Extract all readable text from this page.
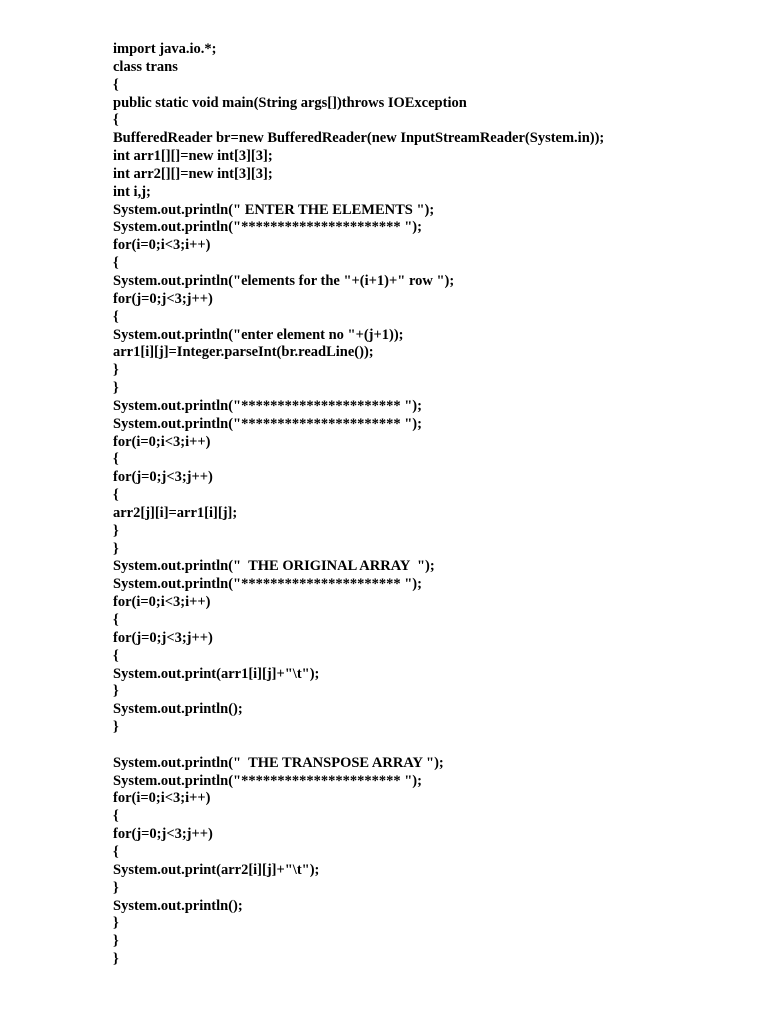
import java.io.*;
class trans
{
public static void main(String args[])throws IOException
{
BufferedReader br=new BufferedReader(new InputStreamReader(System.in));
int arr1[][]=new int[3][3];
int arr2[][]=new int[3][3];
int i,j;
System.out.println(" ENTER THE ELEMENTS ");
System.out.println("********************** ");
for(i=0;i<3;i++)
{
System.out.println("elements for the "+(i+1)+" row ");
for(j=0;j<3;j++)
{
System.out.println("enter element no "+(j+1));
arr1[i][j]=Integer.parseInt(br.readLine());
}
}
System.out.println("********************** ");
System.out.println("********************** ");
for(i=0;i<3;i++)
{
for(j=0;j<3;j++)
{
arr2[j][i]=arr1[i][j];
}
}
System.out.println("  THE ORIGINAL ARRAY  ");
System.out.println("********************** ");
for(i=0;i<3;i++)
{
for(j=0;j<3;j++)
{
System.out.print(arr1[i][j]+"\t");
}
System.out.println();
}
System.out.println("  THE TRANSPOSE ARRAY ");
System.out.println("********************** ");
for(i=0;i<3;i++)
{
for(j=0;j<3;j++)
{
System.out.print(arr2[i][j]+"\t");
}
System.out.println();
}
}
}
